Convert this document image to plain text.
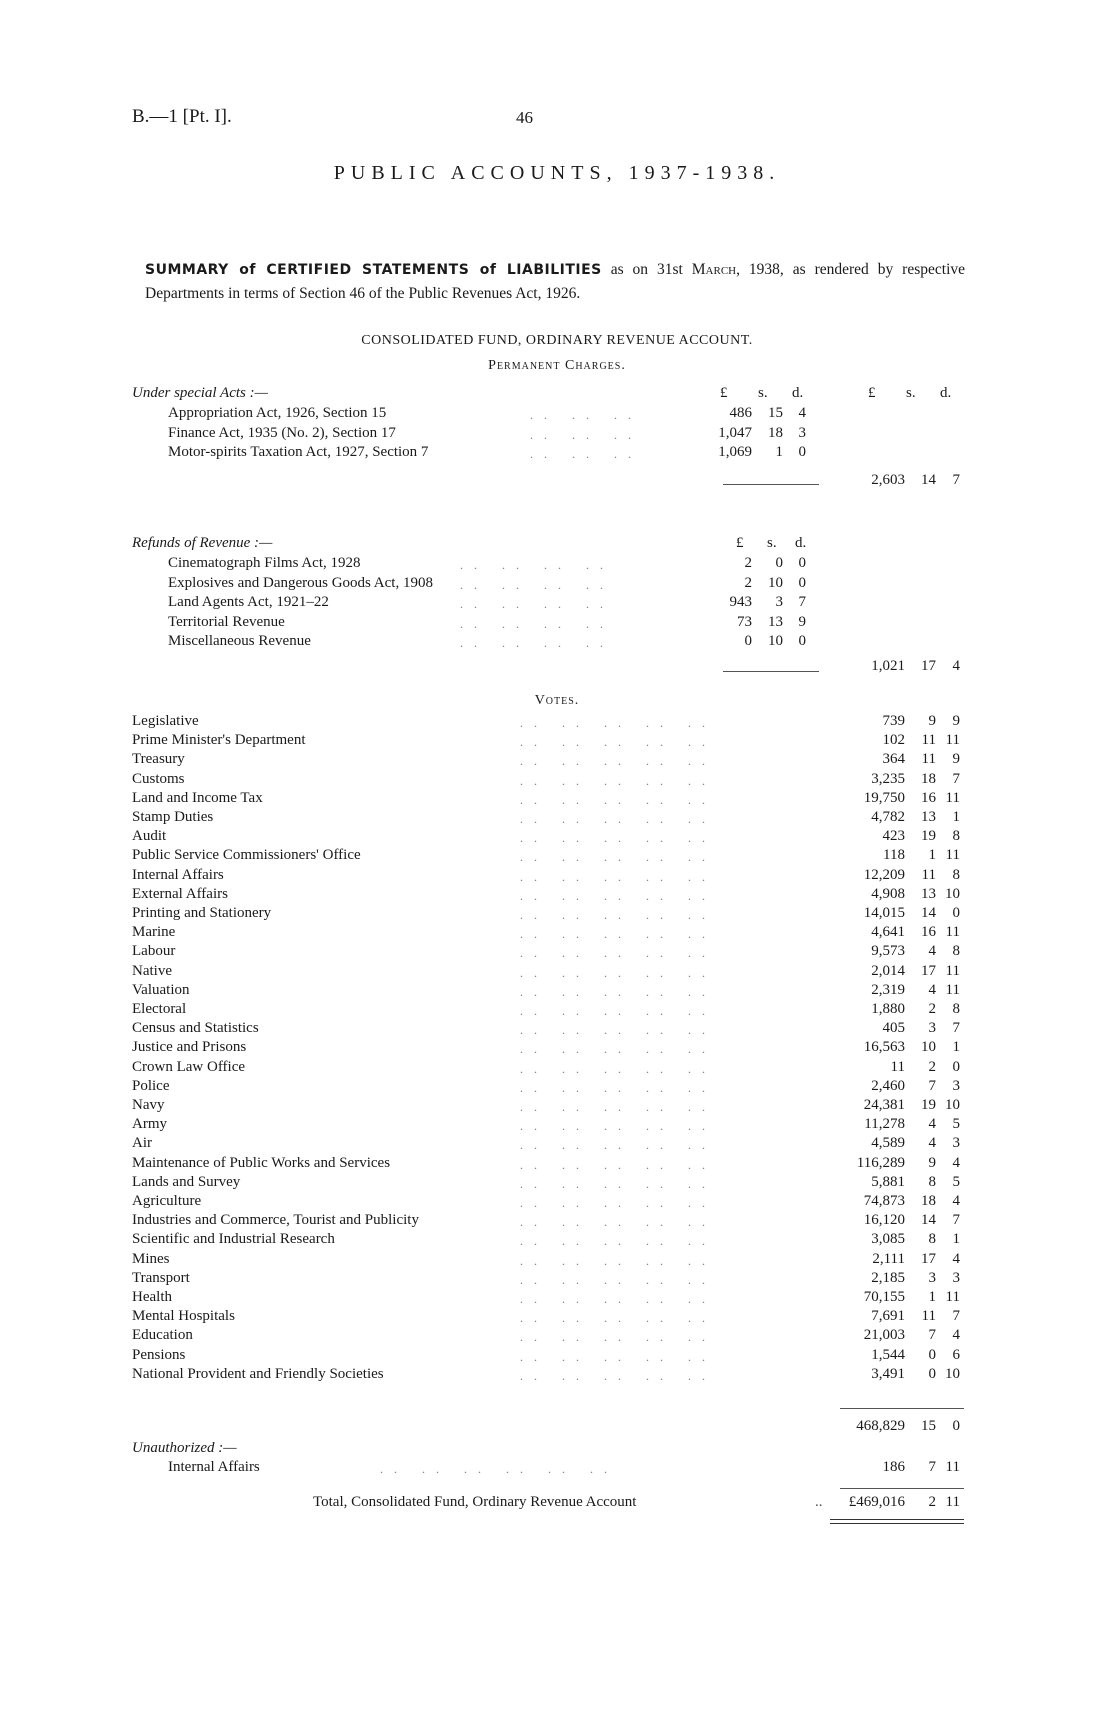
B.—1 [Pt. I].	46
PUBLIC ACCOUNTS, 1937-1938.
SUMMARY of CERTIFIED STATEMENTS of LIABILITIES as on 31st March, 1938, as rendered by respective Departments in terms of Section 46 of the Public Revenues Act, 1926.
CONSOLIDATED FUND, ORDINARY REVENUE ACCOUNT.
Permanent Charges.
Under special Acts :—	£ s. d.	£ s. d.
Appropriation Act, 1926, Section 15	.. .. ..	486	15	4
Finance Act, 1935 (No. 2), Section 17	.. .. ..	1,047	18	3
Motor-spirits Taxation Act, 1927, Section 7	.. .. ..	1,069	1	0
2,603	14	7
Refunds of Revenue :—	£ s. d.
Cinematograph Films Act, 1928	.. .. .. ..	2	0	0
Explosives and Dangerous Goods Act, 1908 .. .. .. ..	2	10	0
Land Agents Act, 1921–22	.. .. .. ..	943	3	7
Territorial Revenue	.. .. .. ..	73	13	9
Miscellaneous Revenue	.. .. .. ..	0	10	0
1,021	17	4
Votes.
Legislative	.. .. .. .. ..	739	9	9
Prime Minister's Department	.. .. .. .. ..	102	11 11
Treasury	.. .. .. .. ..	364	11	9
Customs	.. .. .. .. ..	3,235	18	7
Land and Income Tax	.. .. .. .. ..	19,750	16 11
Stamp Duties	.. .. .. .. ..	4,782	13	1
Audit	.. .. .. .. ..	423	19	8
Public Service Commissioners' Office	.. .. .. .. ..	118	1 11
Internal Affairs	.. .. .. .. ..	12,209	11	8
External Affairs	.. .. .. .. ..	4,908	13 10
Printing and Stationery	.. .. .. .. ..	14,015	14	0
Marine	.. .. .. .. ..	4,641	16 11
Labour	.. .. .. .. ..	9,573	4	8
Native	.. .. .. .. ..	2,014	17 11
Valuation	.. .. .. .. ..	2,319	4 11
Electoral	.. .. .. .. ..	1,880	2	8
Census and Statistics	.. .. .. .. ..	405	3	7
Justice and Prisons	.. .. .. .. ..	16,563	10	1
Crown Law Office	.. .. .. .. ..	11	2	0
Police	.. .. .. .. ..	2,460	7	3
Navy	.. .. .. .. ..	24,381	19 10
Army	.. .. .. .. ..	11,278	4	5
Air	.. .. .. .. ..	4,589	4	3
Maintenance of Public Works and Services	.. .. .. .. ..	116,289	9	4
Lands and Survey	.. .. .. .. ..	5,881	8	5
Agriculture	.. .. .. .. ..	74,873	18	4
Industries and Commerce, Tourist and Publicity	.. .. .. .. ..	16,120	14	7
Scientific and Industrial Research	.. .. .. .. ..	3,085	8	1
Mines	.. .. .. .. ..	2,111	17	4
Transport	.. .. .. .. ..	2,185	3	3
Health	.. .. .. .. ..	70,155	1 11
Mental Hospitals	.. .. .. .. ..	7,691	11	7
Education	.. .. .. .. ..	21,003	7	4
Pensions	.. .. .. .. ..	1,544	0	6
National Provident and Friendly Societies	.. .. .. .. ..	3,491	0 10
468,829	15	0
Unauthorized :—
Internal Affairs	.. .. .. .. .. ..	186	7 11
Total, Consolidated Fund, Ordinary Revenue Account	..	£469,016	2 11
